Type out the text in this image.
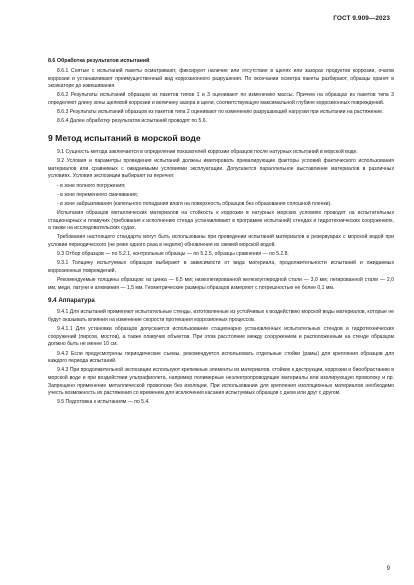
ГОСТ 9.909—2023
8.6 Обработка результатов испытаний

8.6.1 Снятые с испытаний пакеты осматривают, фиксируют наличие или отсутствие в щелях или зазорах продуктов коррозии, очагов коррозии и устанавливают преимущественный вид коррозионного разрушения. По окончании осмотра пакеты разбирают, образцы хранят в эксикаторе до извешивания.

8.6.2 Результаты испытаний образцов из пакетов типов 1 и 3 оценивают по изменению массы. Причем на образцах из пакетов типа 3 определяют длину зоны щелевой коррозии и величину зазора в щели, соответствующую максимальной глубине коррозионных повреждений.

8.6.3 Результаты испытаний образцов из пакетов типа 2 оценивают по изменению разрушающей нагрузки при испытании на растяжение.

8.6.4 Далее обработку результатов испытаний проводят по 5.6.

9 Метод испытаний в морской воде

9.1 Сущность метода заключается в определении показателей коррозии образцов после натурных испытаний в морской воде.

9.2 Условия и параметры проведения испытаний должны имитировать превалирующие факторы условий фактического использования материалов или сравнимых с ожидаемыми условиями эксплуатации. Допускается параллельное выставление материалов в различных условиях. Условия экспозиции выбирают из перечня:

- в зоне полного погружения;

- в зоне переменного смачивания;

- в зоне забрызгивания (капельного попадания влаги на поверхность образцов без образования сплошной пленки).

Испытания образцов металлических материалов на стойкость к коррозии в натурных морских условиях проводят на испытательных стационарных и плавучих (требования к исполнению стенда устанавливают в программе испытаний) стендах и гидротехнических сооружениях, а также на исследовательских судах.

Требования настоящего стандарта могут быть использованы при проведении испытаний материалов в резервуарах с морской водой при условии периодического (не реже одного раза в неделю) обновления их свежей морской водой.

9.3 Отбор образцов — по 5.2.1, контрольные образцы — по 5.2.5, образцы сравнения — по 5.2.8.

9.3.1 Толщину испытуемых образцов выбирают в зависимости от вида материала, продолжительности испытаний и ожидаемых коррозионных повреждений.

Рекомендуемые толщины образцов: из цинка — 6,5 мм; низколегированной железоуглеродной стали — 3,0 мм; легированной стали — 2,0 мм, меди, латуни и алюминия — 1,5 мм. Геометрические размеры образцов измеряют с погрешностью не более 0,1 мм.

9.4 Аппаратура

9.4.1 Для испытаний применяют испытательные стенды, изготовленные из устойчивых к воздействию морской воды материалов, которые не будут оказывать влияния на изменение скорости протекания коррозионных процессов.

9.4.1.1 Для установки образцов допускается использование стационарно установленных испытательных стендов и гидротехнических сооружений (пирсов, мостов), а также плавучих объектов. При этом расстояние между сооружением и расположенным на стенде образцом должно быть не менее 10 см.

9.4.2 Если предусмотрены периодические съемы, рекомендуется использовать отдельные стойки (рамы) для крепления образцов для каждого периода испытаний.

9.4.3 При продолжительной экспозиции используют крепежные элементы из материалов, стойких к деструкции, коррозии и биообрастанию в морской воде и при воздействии ультрафиолета, например полимерные неэлектропроводящие материалы или изолирующую проволоку и пр. Запрещено применение металлической проволоки без изоляции. При использовании для крепления изоляционных материалов необходимо учесть возможность их растяжения со временем для исключения касания испытуемых образцов с дном или друг с другом.

9.5 Подготовка к испытаниям — по 5.4.

9
